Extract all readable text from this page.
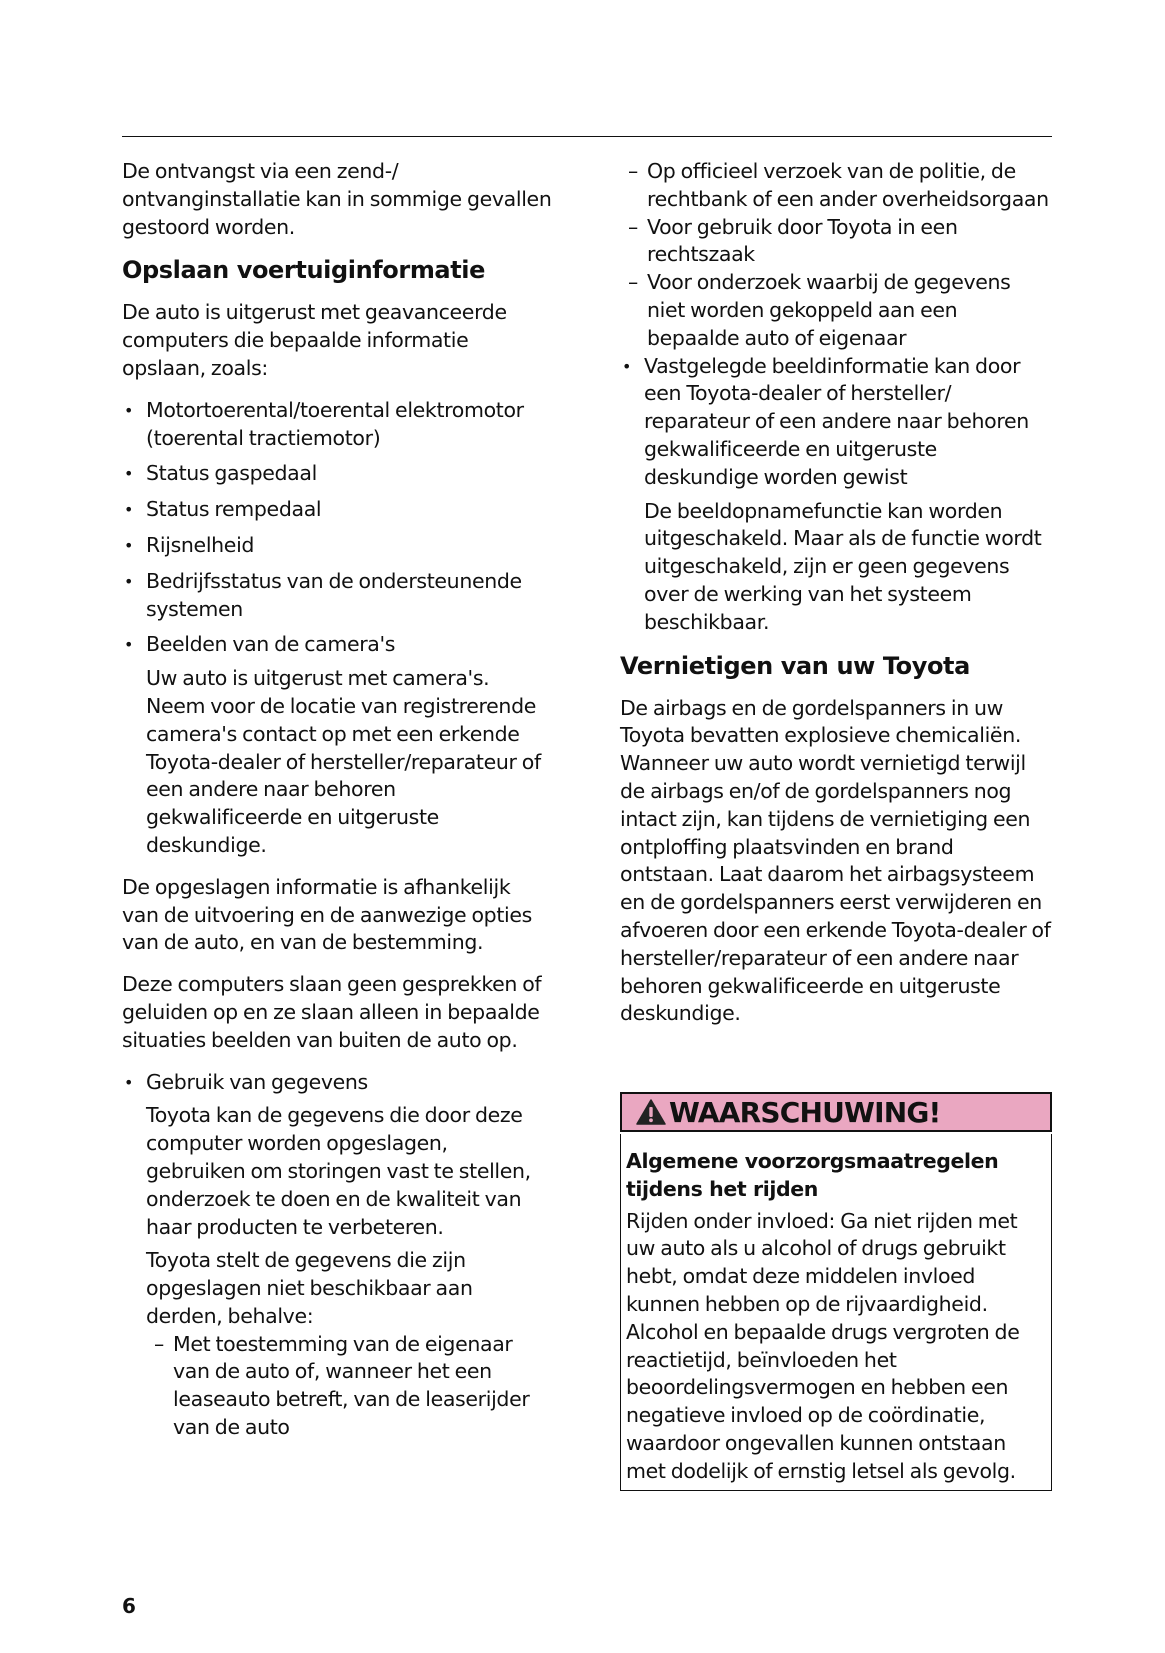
De ontvangst via een zend-/ ontvanginstallatie kan in sommige gevallen gestoord worden.

Opslaan voertuiginformatie

De auto is uitgerust met geavanceerde computers die bepaalde informatie opslaan, zoals:

• Motortoerental/toerental elektromotor (toerental tractiemotor)
• Status gaspedaal
• Status rempedaal
• Rijsnelheid
• Bedrijfsstatus van de ondersteunende systemen
• Beelden van de camera's
Uw auto is uitgerust met camera's. Neem voor de locatie van registrerende camera's contact op met een erkende Toyota-dealer of hersteller/reparateur of een andere naar behoren gekwalificeerde en uitgeruste deskundige.

De opgeslagen informatie is afhankelijk van de uitvoering en de aanwezige opties van de auto, en van de bestemming.

Deze computers slaan geen gesprekken of geluiden op en ze slaan alleen in bepaalde situaties beelden van buiten de auto op.

• Gebruik van gegevens
Toyota kan de gegevens die door deze computer worden opgeslagen, gebruiken om storingen vast te stellen, onderzoek te doen en de kwaliteit van haar producten te verbeteren.
Toyota stelt de gegevens die zijn opgeslagen niet beschikbaar aan derden, behalve:
– Met toestemming van de eigenaar van de auto of, wanneer het een leaseauto betreft, van de leaserijder van de auto
– Op officieel verzoek van de politie, de rechtbank of een ander overheidsorgaan
– Voor gebruik door Toyota in een rechtszaak
– Voor onderzoek waarbij de gegevens niet worden gekoppeld aan een bepaalde auto of eigenaar
• Vastgelegde beeldinformatie kan door een Toyota-dealer of hersteller/ reparateur of een andere naar behoren gekwalificeerde en uitgeruste deskundige worden gewist
De beeldopnamefunctie kan worden uitgeschakeld. Maar als de functie wordt uitgeschakeld, zijn er geen gegevens over de werking van het systeem beschikbaar.
Vernietigen van uw Toyota

De airbags en de gordelspanners in uw Toyota bevatten explosieve chemicaliën. Wanneer uw auto wordt vernietigd terwijl de airbags en/of de gordelspanners nog intact zijn, kan tijdens de vernietiging een ontploffing plaatsvinden en brand ontstaan. Laat daarom het airbagsysteem en de gordelspanners eerst verwijderen en afvoeren door een erkende Toyota-dealer of hersteller/reparateur of een andere naar behoren gekwalificeerde en uitgeruste deskundige.

WAARSCHUWING!

Algemene voorzorgsmaatregelen tijdens het rijden

Rijden onder invloed: Ga niet rijden met uw auto als u alcohol of drugs gebruikt hebt, omdat deze middelen invloed kunnen hebben op de rijvaardigheid. Alcohol en bepaalde drugs vergroten de reactietijd, beïnvloeden het beoordelingsvermogen en hebben een negatieve invloed op de coördinatie, waardoor ongevallen kunnen ontstaan met dodelijk of ernstig letsel als gevolg.

6
